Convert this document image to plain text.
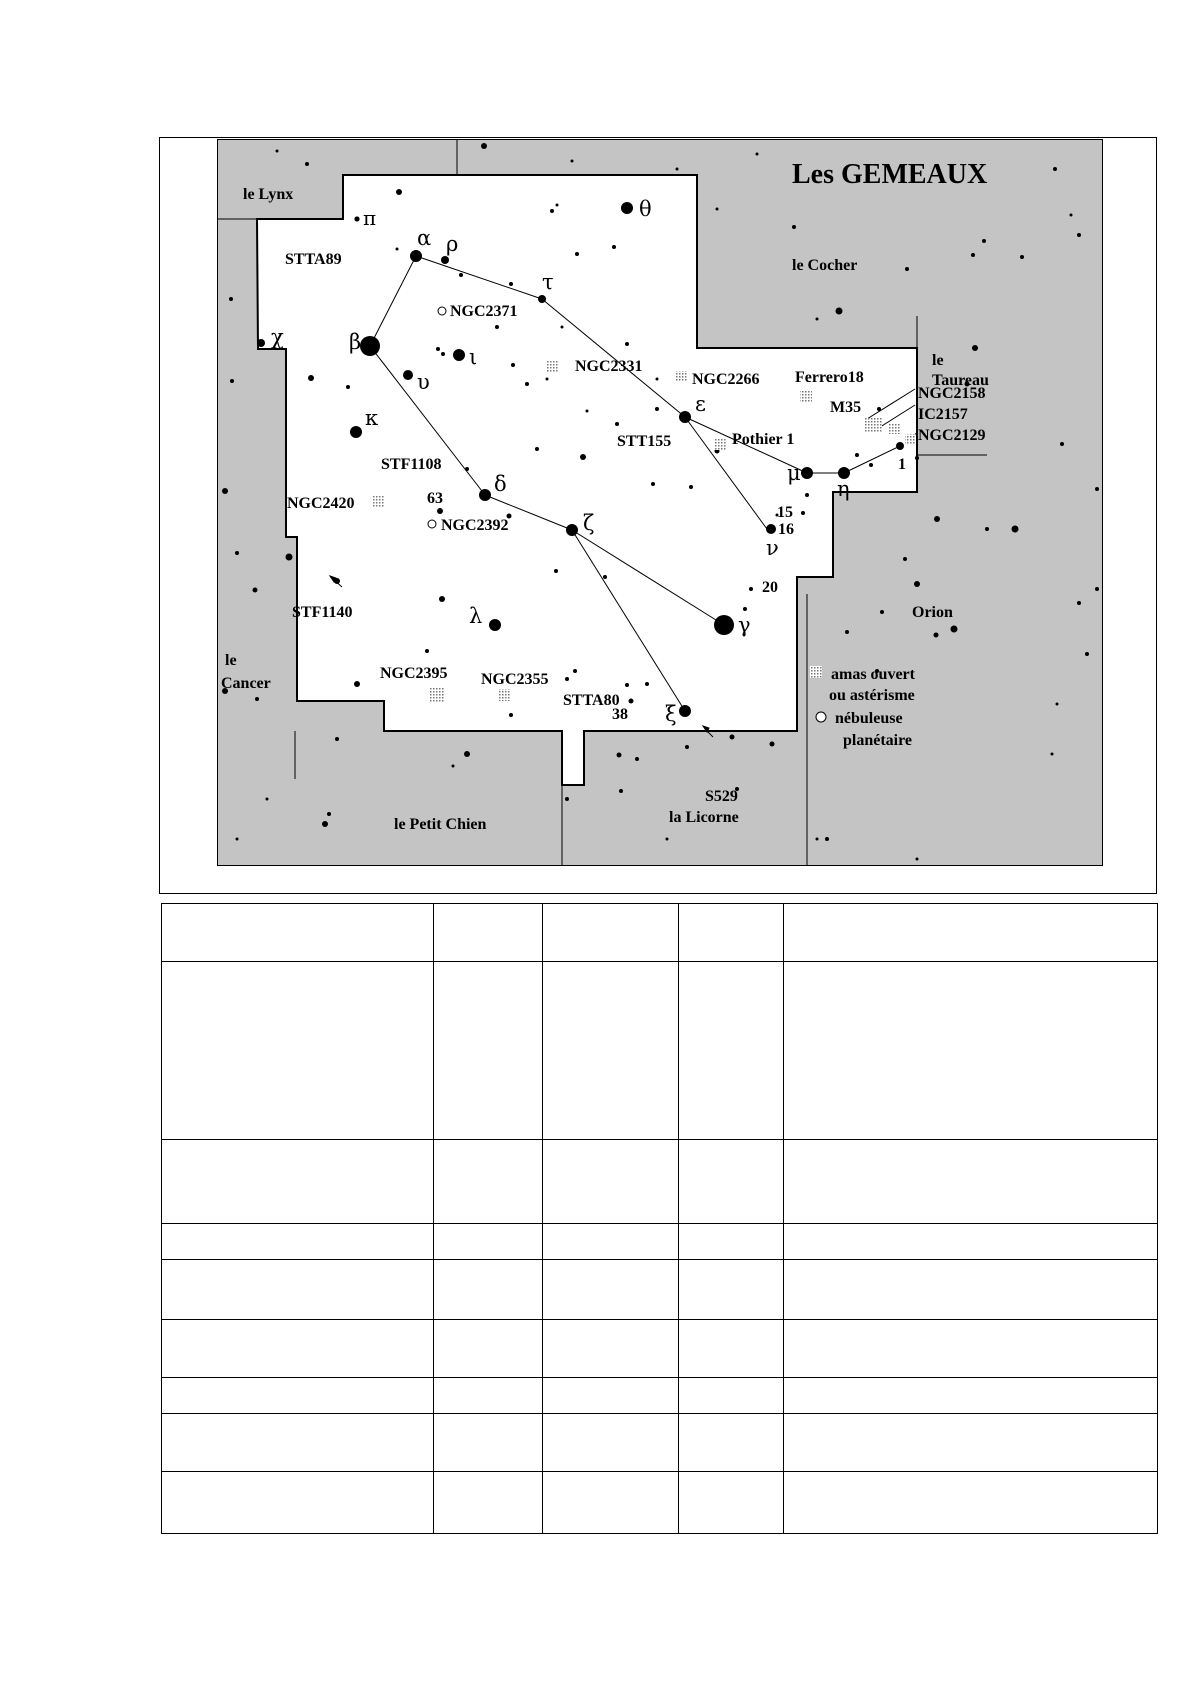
Les GEMEAUX
le Lynx
le Cocher
le
Taureau
Orion
le
Cancer
le Petit Chien	la Licorne
α ρ
τ
θ
π
χ	β
ι
υ
κ
ε
μ
η
δ
ζ
ν
γ
λ
ξ
15
16
20
63
38
1
STTA89
NGC2371
NGC2331
NGC2266 Ferrero18
M35
NGC2158
IC2157
NGC2129
STT155	Pothier 1
STF1108
NGC2420
NGC2392
STF1140
NGC2395 NGC2355
STTA80
S529
amas ouvert
ou astérisme
nébuleuse
planétaire
